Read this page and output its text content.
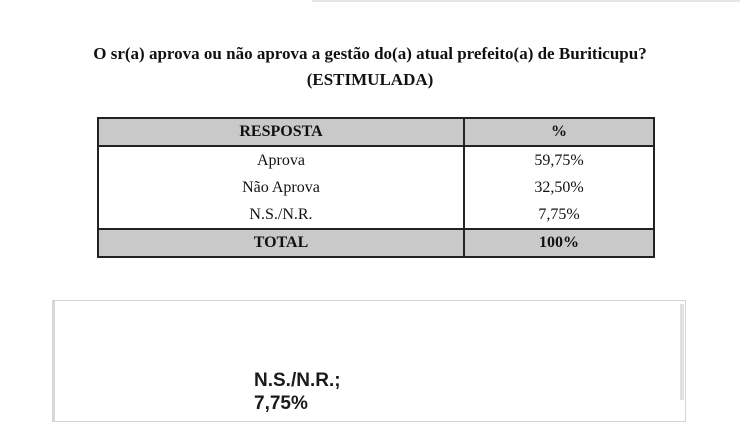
O sr(a) aprova ou não aprova a gestão do(a) atual prefeito(a) de Buriticupu?
(ESTIMULADA)
RESPOSTA	%
Aprova	59,75%
Não Aprova	32,50%
N.S./N.R.	7,75%
TOTAL	100%
N.S./N.R.;
7,75%
